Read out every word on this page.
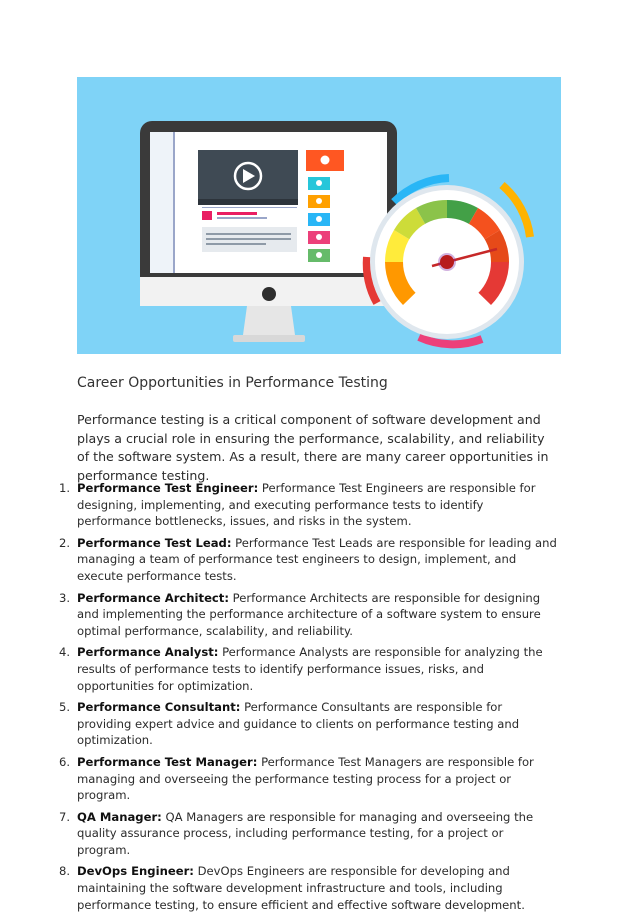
Career Opportunities in Performance Testing
Performance testing is a critical component of software development and plays a crucial role in ensuring the performance, scalability, and reliability of the software system. As a result, there are many career opportunities in performance testing.
1. Performance Test Engineer: Performance Test Engineers are responsible for designing, implementing, and executing performance tests to identify performance bottlenecks, issues, and risks in the system.
2. Performance Test Lead: Performance Test Leads are responsible for leading and managing a team of performance test engineers to design, implement, and execute performance tests.
3. Performance Architect: Performance Architects are responsible for designing and implementing the performance architecture of a software system to ensure optimal performance, scalability, and reliability.
4. Performance Analyst: Performance Analysts are responsible for analyzing the results of performance tests to identify performance issues, risks, and opportunities for optimization.
5. Performance Consultant: Performance Consultants are responsible for providing expert advice and guidance to clients on performance testing and optimization.
6. Performance Test Manager: Performance Test Managers are responsible for managing and overseeing the performance testing process for a project or program.
7. QA Manager: QA Managers are responsible for managing and overseeing the quality assurance process, including performance testing, for a project or program.
8. DevOps Engineer: DevOps Engineers are responsible for developing and maintaining the software development infrastructure and tools, including performance testing, to ensure efficient and effective software development.
